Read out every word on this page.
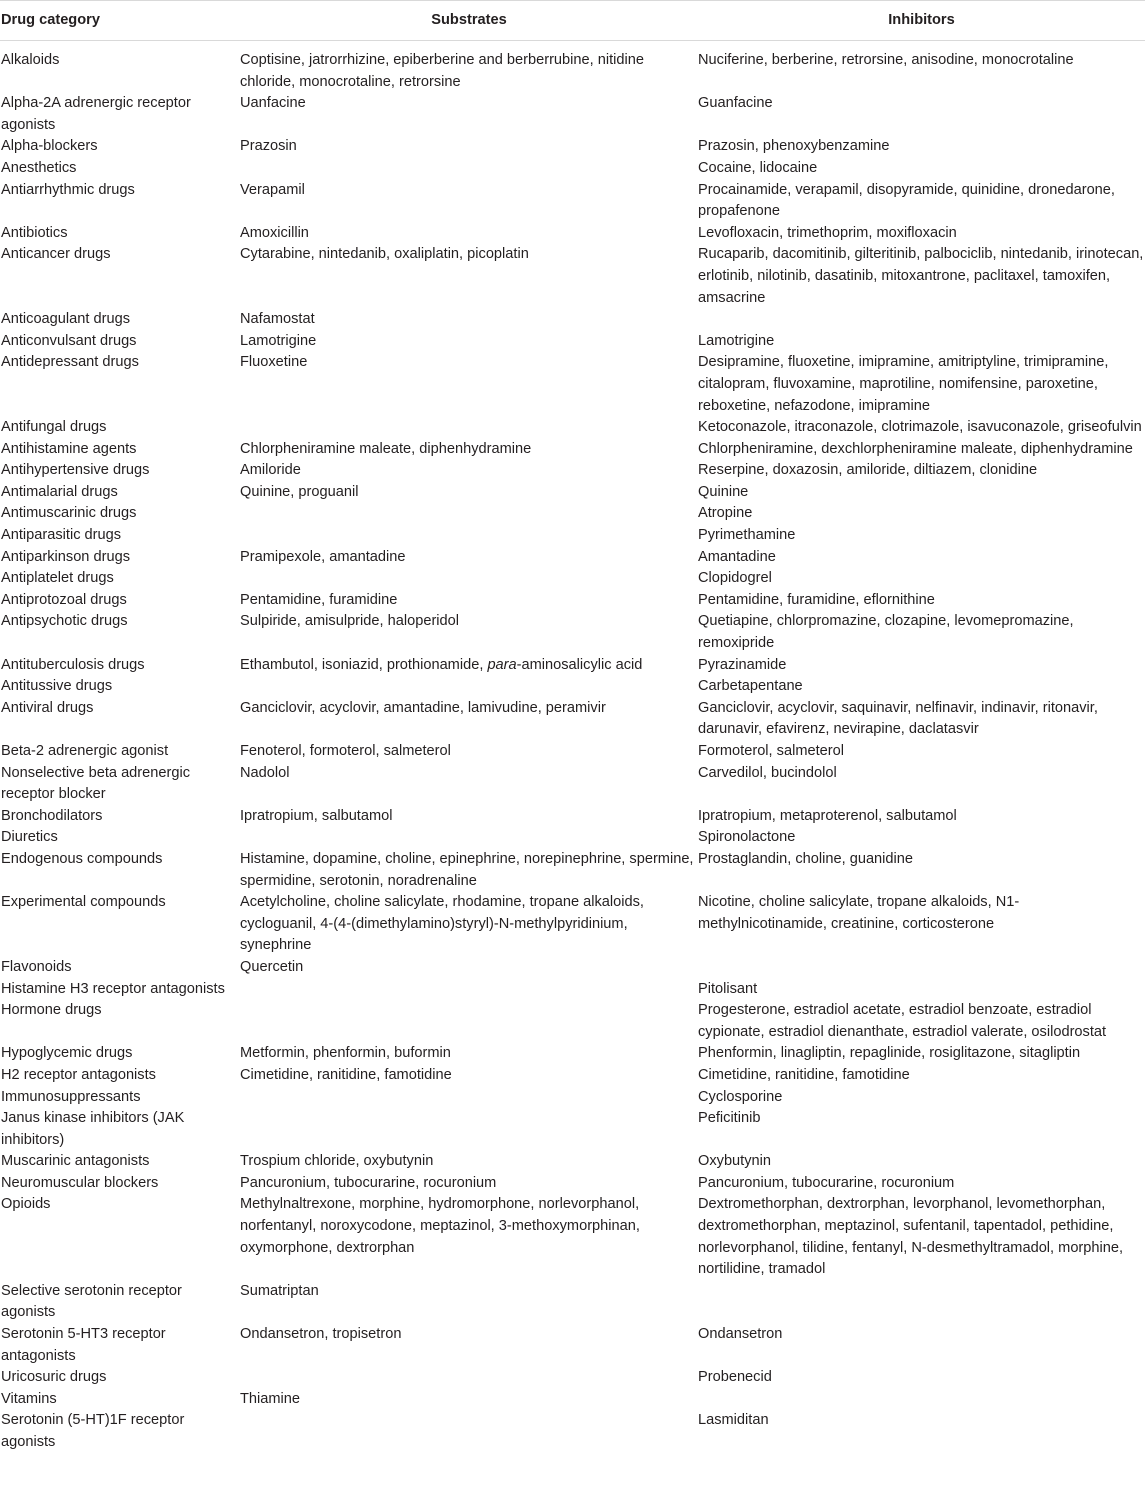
Drug category	Substrates	Inhibitors
Alkaloids	Coptisine, jatrorrhizine, epiberberine and berberrubine, nitidine chloride, monocrotaline, retrorsine	Nuciferine, berberine, retrorsine, anisodine, monocrotaline
Alpha-2A adrenergic receptor agonists	Uanfacine	Guanfacine
Alpha-blockers	Prazosin	Prazosin, phenoxybenzamine
Anesthetics		Cocaine, lidocaine
Antiarrhythmic drugs	Verapamil	Procainamide, verapamil, disopyramide, quinidine, dronedarone, propafenone
Antibiotics	Amoxicillin	Levofloxacin, trimethoprim, moxifloxacin
Anticancer drugs	Cytarabine, nintedanib, oxaliplatin, picoplatin	Rucaparib, dacomitinib, gilteritinib, palbociclib, nintedanib, irinotecan, erlotinib, nilotinib, dasatinib, mitoxantrone, paclitaxel, tamoxifen, amsacrine
Anticoagulant drugs	Nafamostat	
Anticonvulsant drugs	Lamotrigine	Lamotrigine
Antidepressant drugs	Fluoxetine	Desipramine, fluoxetine, imipramine, amitriptyline, trimipramine, citalopram, fluvoxamine, maprotiline, nomifensine, paroxetine, reboxetine, nefazodone, imipramine
Antifungal drugs		Ketoconazole, itraconazole, clotrimazole, isavuconazole, griseofulvin
Antihistamine agents	Chlorpheniramine maleate, diphenhydramine	Chlorpheniramine, dexchlorpheniramine maleate, diphenhydramine
Antihypertensive drugs	Amiloride	Reserpine, doxazosin, amiloride, diltiazem, clonidine
Antimalarial drugs	Quinine, proguanil	Quinine
Antimuscarinic drugs		Atropine
Antiparasitic drugs		Pyrimethamine
Antiparkinson drugs	Pramipexole, amantadine	Amantadine
Antiplatelet drugs		Clopidogrel
Antiprotozoal drugs	Pentamidine, furamidine	Pentamidine, furamidine, eflornithine
Antipsychotic drugs	Sulpiride, amisulpride, haloperidol	Quetiapine, chlorpromazine, clozapine, levomepromazine, remoxipride
Antituberculosis drugs	Ethambutol, isoniazid, prothionamide, para-aminosalicylic acid	Pyrazinamide
Antitussive drugs		Carbetapentane
Antiviral drugs	Ganciclovir, acyclovir, amantadine, lamivudine, peramivir	Ganciclovir, acyclovir, saquinavir, nelfinavir, indinavir, ritonavir, darunavir, efavirenz, nevirapine, daclatasvir
Beta-2 adrenergic agonist	Fenoterol, formoterol, salmeterol	Formoterol, salmeterol
Nonselective beta adrenergic receptor blocker	Nadolol	Carvedilol, bucindolol
Bronchodilators	Ipratropium, salbutamol	Ipratropium, metaproterenol, salbutamol
Diuretics		Spironolactone
Endogenous compounds	Histamine, dopamine, choline, epinephrine, norepinephrine, spermine, spermidine, serotonin, noradrenaline	Prostaglandin, choline, guanidine
Experimental compounds	Acetylcholine, choline salicylate, rhodamine, tropane alkaloids, cycloguanil, 4-(4-(dimethylamino)styryl)-N-methylpyridinium, synephrine	Nicotine, choline salicylate, tropane alkaloids, N1-methylnicotinamide, creatinine, corticosterone
Flavonoids	Quercetin	
Histamine H3 receptor antagonists		Pitolisant
Hormone drugs		Progesterone, estradiol acetate, estradiol benzoate, estradiol cypionate, estradiol dienanthate, estradiol valerate, osilodrostat
Hypoglycemic drugs	Metformin, phenformin, buformin	Phenformin, linagliptin, repaglinide, rosiglitazone, sitagliptin
H2 receptor antagonists	Cimetidine, ranitidine, famotidine	Cimetidine, ranitidine, famotidine
Immunosuppressants		Cyclosporine
Janus kinase inhibitors (JAK inhibitors)		Peficitinib
Muscarinic antagonists	Trospium chloride, oxybutynin	Oxybutynin
Neuromuscular blockers	Pancuronium, tubocurarine, rocuronium	Pancuronium, tubocurarine, rocuronium
Opioids	Methylnaltrexone, morphine, hydromorphone, norlevorphanol, norfentanyl, noroxycodone, meptazinol, 3-methoxymorphinan, oxymorphone, dextrorphan	Dextromethorphan, dextrorphan, levorphanol, levomethorphan, dextromethorphan, meptazinol, sufentanil, tapentadol, pethidine, norlevorphanol, tilidine, fentanyl, N-desmethyltramadol, morphine, nortilidine, tramadol
Selective serotonin receptor agonists	Sumatriptan	
Serotonin 5-HT3 receptor antagonists	Ondansetron, tropisetron	Ondansetron
Uricosuric drugs		Probenecid
Vitamins	Thiamine	
Serotonin (5-HT)1F receptor agonists		Lasmiditan
